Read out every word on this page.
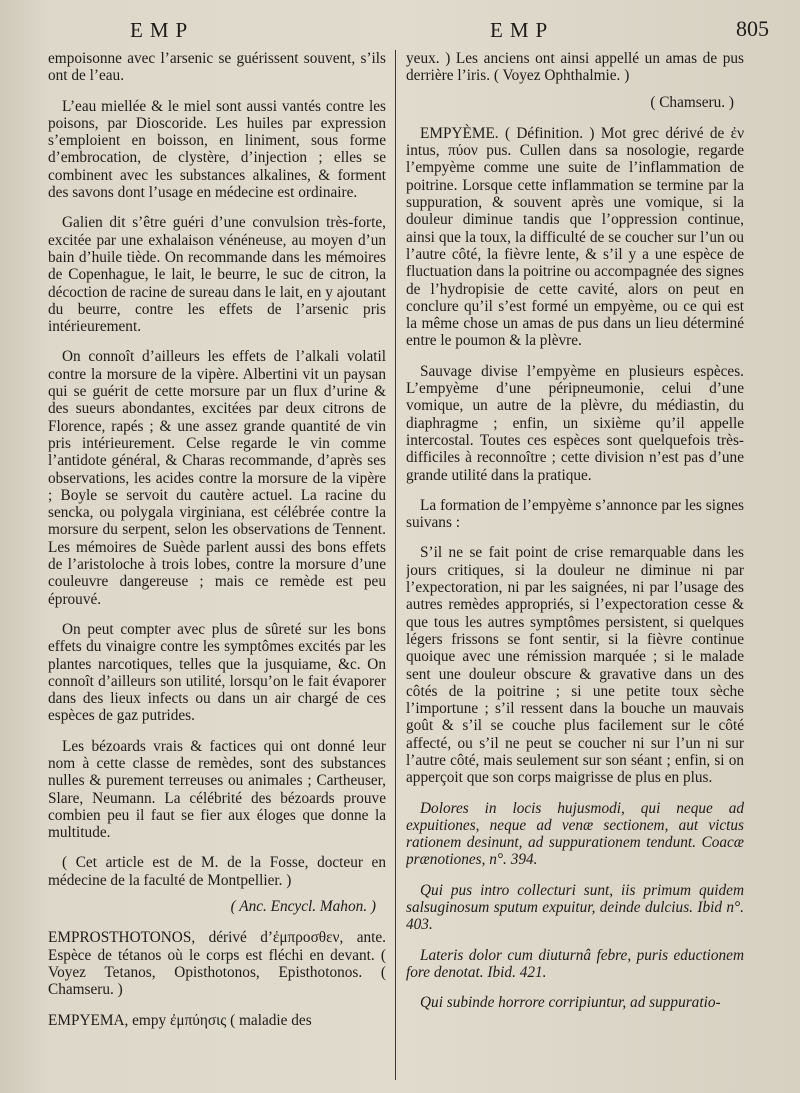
EMP	EMP	805

empoisonne avec l’arsenic se guérissent souvent, s’ils ont de l’eau.

L’eau miellée & le miel sont aussi vantés contre les poisons, par Dioscoride. Les huiles par expression s’emploient en boisson, en liniment, sous forme d’embrocation, de clystère, d’injection ; elles se combinent avec les substances alkalines, & forment des savons dont l’usage en médecine est ordinaire.

Galien dit s’être guéri d’une convulsion très-forte, excitée par une exhalaison vénéneuse, au moyen d’un bain d’huile tiède. On recommande dans les mémoires de Copenhague, le lait, le beurre, le suc de citron, la décoction de racine de sureau dans le lait, en y ajoutant du beurre, contre les effets de l’arsenic pris intérieurement.

On connoît d’ailleurs les effets de l’alkali volatil contre la morsure de la vipère. Albertini vit un paysan qui se guérit de cette morsure par un flux d’urine & des sueurs abondantes, excitées par deux citrons de Florence, rapés ; & une assez grande quantité de vin pris intérieurement. Celse regarde le vin comme l’antidote général, & Charas recommande, d’après ses observations, les acides contre la morsure de la vipère ; Boyle se servoit du cautère actuel. La racine du sencka, ou polygala virginiana, est célébrée contre la morsure du serpent, selon les observations de Tennent. Les mémoires de Suède parlent aussi des bons effets de l’aristoloche à trois lobes, contre la morsure d’une couleuvre dangereuse ; mais ce remède est peu éprouvé.

On peut compter avec plus de sûreté sur les bons effets du vinaigre contre les symptômes excités par les plantes narcotiques, telles que la jusquiame, &c. On connoît d’ailleurs son utilité, lorsqu’on le fait évaporer dans des lieux infects ou dans un air chargé de ces espèces de gaz putrides.

Les bézoards vrais & factices qui ont donné leur nom à cette classe de remèdes, sont des substances nulles & purement terreuses ou animales ; Cartheuser, Slare, Neumann. La célébrité des bézoards prouve combien peu il faut se fier aux éloges que donne la multitude.

( Cet article est de M. de la Fosse, docteur en médecine de la faculté de Montpellier. )

( Anc. Encycl. Mahon. )

EMPROSTHOTONOS, dérivé d’ἐμπροσθεν, ante. Espèce de tétanos où le corps est fléchi en devant. ( Voyez Tetanos, Opisthotonos, Episthotonos. ( Chamseru. )

EMPYEMA, empy ἐμπύησις ( maladie des

yeux. ) Les anciens ont ainsi appellé un amas de pus derrière l’iris. ( Voyez Ophthalmie. )

( Chamseru. )

EMPYÈME. ( Définition. ) Mot grec dérivé de ἐν intus, πύον pus. Cullen dans sa nosologie, regarde l’empyème comme une suite de l’inflammation de poitrine. Lorsque cette inflammation se termine par la suppuration, & souvent après une vomique, si la douleur diminue tandis que l’oppression continue, ainsi que la toux, la difficulté de se coucher sur l’un ou l’autre côté, la fièvre lente, & s’il y a une espèce de fluctuation dans la poitrine ou accompagnée des signes de l’hydropisie de cette cavité, alors on peut en conclure qu’il s’est formé un empyème, ou ce qui est la même chose un amas de pus dans un lieu déterminé entre le poumon & la plèvre.

Sauvage divise l’empyème en plusieurs espèces. L’empyème d’une péripneumonie, celui d’une vomique, un autre de la plèvre, du médiastin, du diaphragme ; enfin, un sixième qu’il appelle intercostal. Toutes ces espèces sont quelquefois très-difficiles à reconnoître ; cette division n’est pas d’une grande utilité dans la pratique.

La formation de l’empyème s’annonce par les signes suivans :

S’il ne se fait point de crise remarquable dans les jours critiques, si la douleur ne diminue ni par l’expectoration, ni par les saignées, ni par l’usage des autres remèdes appropriés, si l’expectoration cesse & que tous les autres symptômes persistent, si quelques légers frissons se font sentir, si la fièvre continue quoique avec une rémission marquée ; si le malade sent une douleur obscure & gravative dans un des côtés de la poitrine ; si une petite toux sèche l’importune ; s’il ressent dans la bouche un mauvais goût & s’il se couche plus facilement sur le côté affecté, ou s’il ne peut se coucher ni sur l’un ni sur l’autre côté, mais seulement sur son séant ; enfin, si on apperçoit que son corps maigrisse de plus en plus.

Dolores in locis hujusmodi, qui neque ad expuitiones, neque ad venæ sectionem, aut victus rationem desinunt, ad suppurationem tendunt. Coacæ prænotiones, n°. 394.

Qui pus intro collecturi sunt, iis primum quidem salsuginosum sputum expuitur, deinde dulcius. Ibid n°. 403.

Lateris dolor cum diuturnâ febre, puris eductionem fore denotat. Ibid. 421.

Qui subinde horrore corripiuntur, ad suppuratio-
